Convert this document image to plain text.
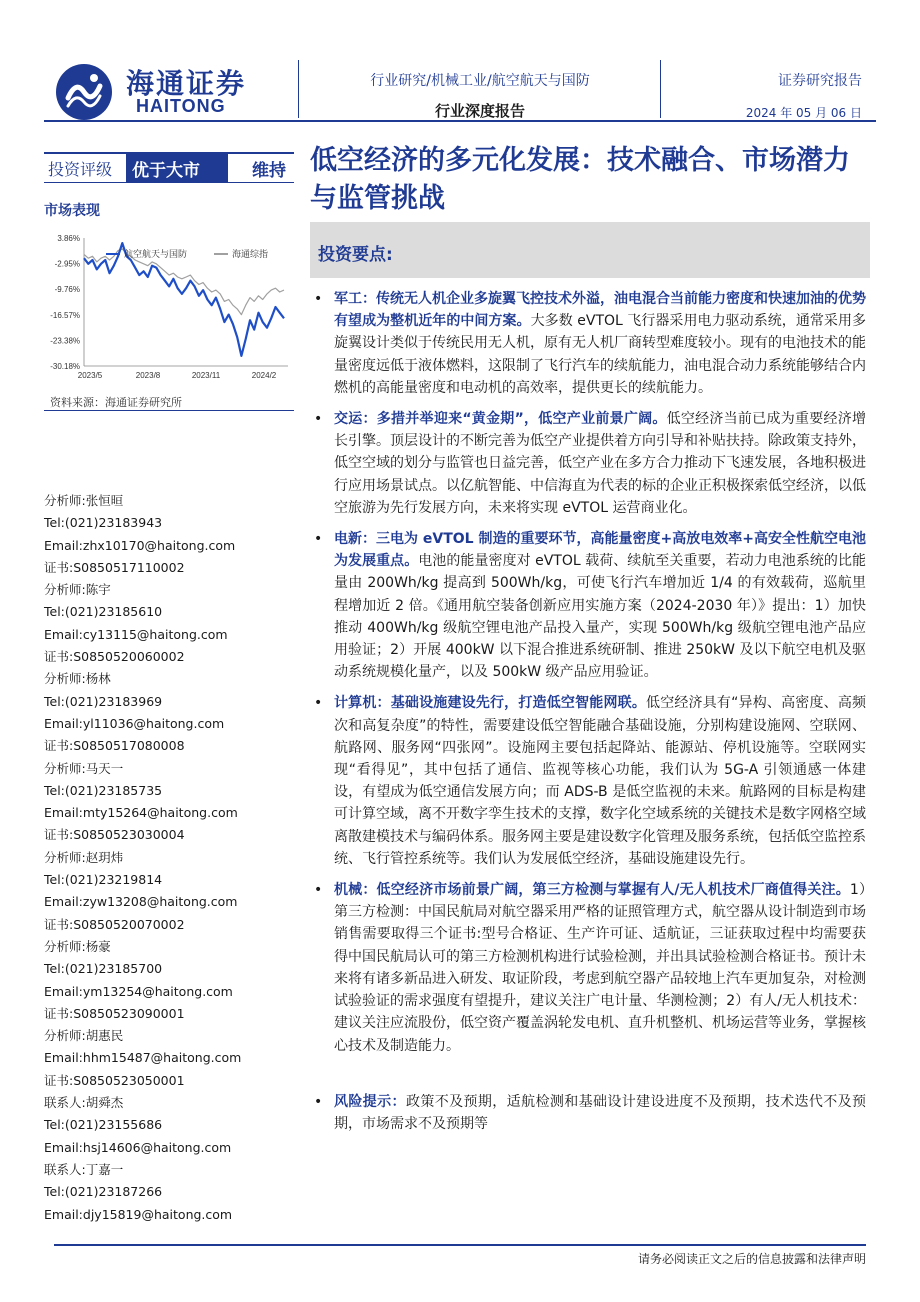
海通证券
HAITONG
行业研究/机械工业/航空航天与国防
行业深度报告
证券研究报告
2024 年 05 月 06 日
投资评级	优于大市	维持
市场表现
3.86%
-2.95%
-9.76%
-16.57%
-23.38%
-30.18%
2023/5	2023/8	2023/11	2024/2
航空航天与国防	海通综指
资料来源：海通证券研究所
分析师:张恒晅
Tel:(021)23183943
Email:zhx10170@haitong.com
证书:S0850517110002
分析师:陈宇
Tel:(021)23185610
Email:cy13115@haitong.com
证书:S0850520060002
分析师:杨林
Tel:(021)23183969
Email:yl11036@haitong.com
证书:S0850517080008
分析师:马天一
Tel:(021)23185735
Email:mty15264@haitong.com
证书:S0850523030004
分析师:赵玥炜
Tel:(021)23219814
Email:zyw13208@haitong.com
证书:S0850520070002
分析师:杨豪
Tel:(021)23185700
Email:ym13254@haitong.com
证书:S0850523090001
分析师:胡惠民
Email:hhm15487@haitong.com
证书:S0850523050001
联系人:胡舜杰
Tel:(021)23155686
Email:hsj14606@haitong.com
联系人:丁嘉一
Tel:(021)23187266
Email:djy15819@haitong.com
低空经济的多元化发展：技术融合、市场潜力与监管挑战
投资要点:
• 军工：传统无人机企业多旋翼飞控技术外溢，油电混合当前能力密度和快速加油的优势有望成为整机近年的中间方案。大多数 eVTOL 飞行器采用电力驱动系统，通常采用多旋翼设计类似于传统民用无人机，原有无人机厂商转型难度较小。现有的电池技术的能量密度远低于液体燃料，这限制了飞行汽车的续航能力，油电混合动力系统能够结合内燃机的高能量密度和电动机的高效率，提供更长的续航能力。
• 交运：多措并举迎来“黄金期”，低空产业前景广阔。低空经济当前已成为重要经济增长引擎。顶层设计的不断完善为低空产业提供着方向引导和补贴扶持。除政策支持外，低空空域的划分与监管也日益完善，低空产业在多方合力推动下飞速发展，各地积极进行应用场景试点。以亿航智能、中信海直为代表的标的企业正积极探索低空经济，以低空旅游为先行发展方向，未来将实现 eVTOL 运营商业化。
• 电新：三电为 eVTOL 制造的重要环节，高能量密度+高放电效率+高安全性航空电池为发展重点。电池的能量密度对 eVTOL 载荷、续航至关重要，若动力电池系统的比能量由 200Wh/kg 提高到 500Wh/kg，可使飞行汽车增加近 1/4 的有效载荷，巡航里程增加近 2 倍。《通用航空装备创新应用实施方案（2024-2030 年）》提出：1）加快推动 400Wh/kg 级航空锂电池产品投入量产，实现 500Wh/kg 级航空锂电池产品应用验证；2）开展 400kW 以下混合推进系统研制、推进 250kW 及以下航空电机及驱动系统规模化量产，以及 500kW 级产品应用验证。
• 计算机：基础设施建设先行，打造低空智能网联。低空经济具有“异构、高密度、高频次和高复杂度”的特性，需要建设低空智能融合基础设施，分别构建设施网、空联网、航路网、服务网“四张网”。设施网主要包括起降站、能源站、停机设施等。空联网实现“看得见”，其中包括了通信、监视等核心功能，我们认为 5G-A 引领通感一体建设，有望成为低空通信发展方向；而 ADS-B 是低空监视的未来。航路网的目标是构建可计算空域，离不开数字孪生技术的支撑，数字化空域系统的关键技术是数字网格空域离散建模技术与编码体系。服务网主要是建设数字化管理及服务系统，包括低空监控系统、飞行管控系统等。我们认为发展低空经济，基础设施建设先行。
• 机械：低空经济市场前景广阔，第三方检测与掌握有人/无人机技术厂商值得关注。1）第三方检测：中国民航局对航空器采用严格的证照管理方式，航空器从设计制造到市场销售需要取得三个证书:型号合格证、生产许可证、适航证，三证获取过程中均需要获得中国民航局认可的第三方检测机构进行试验检测，并出具试验检测合格证书。预计未来将有诸多新品进入研发、取证阶段，考虑到航空器产品较地上汽车更加复杂，对检测试验验证的需求强度有望提升，建议关注广电计量、华测检测；2）有人/无人机技术：建议关注应流股份，低空资产覆盖涡轮发电机、直升机整机、机场运营等业务，掌握核心技术及制造能力。
• 风险提示：政策不及预期，适航检测和基础设计建设进度不及预期，技术迭代不及预期，市场需求不及预期等
请务必阅读正文之后的信息披露和法律声明
